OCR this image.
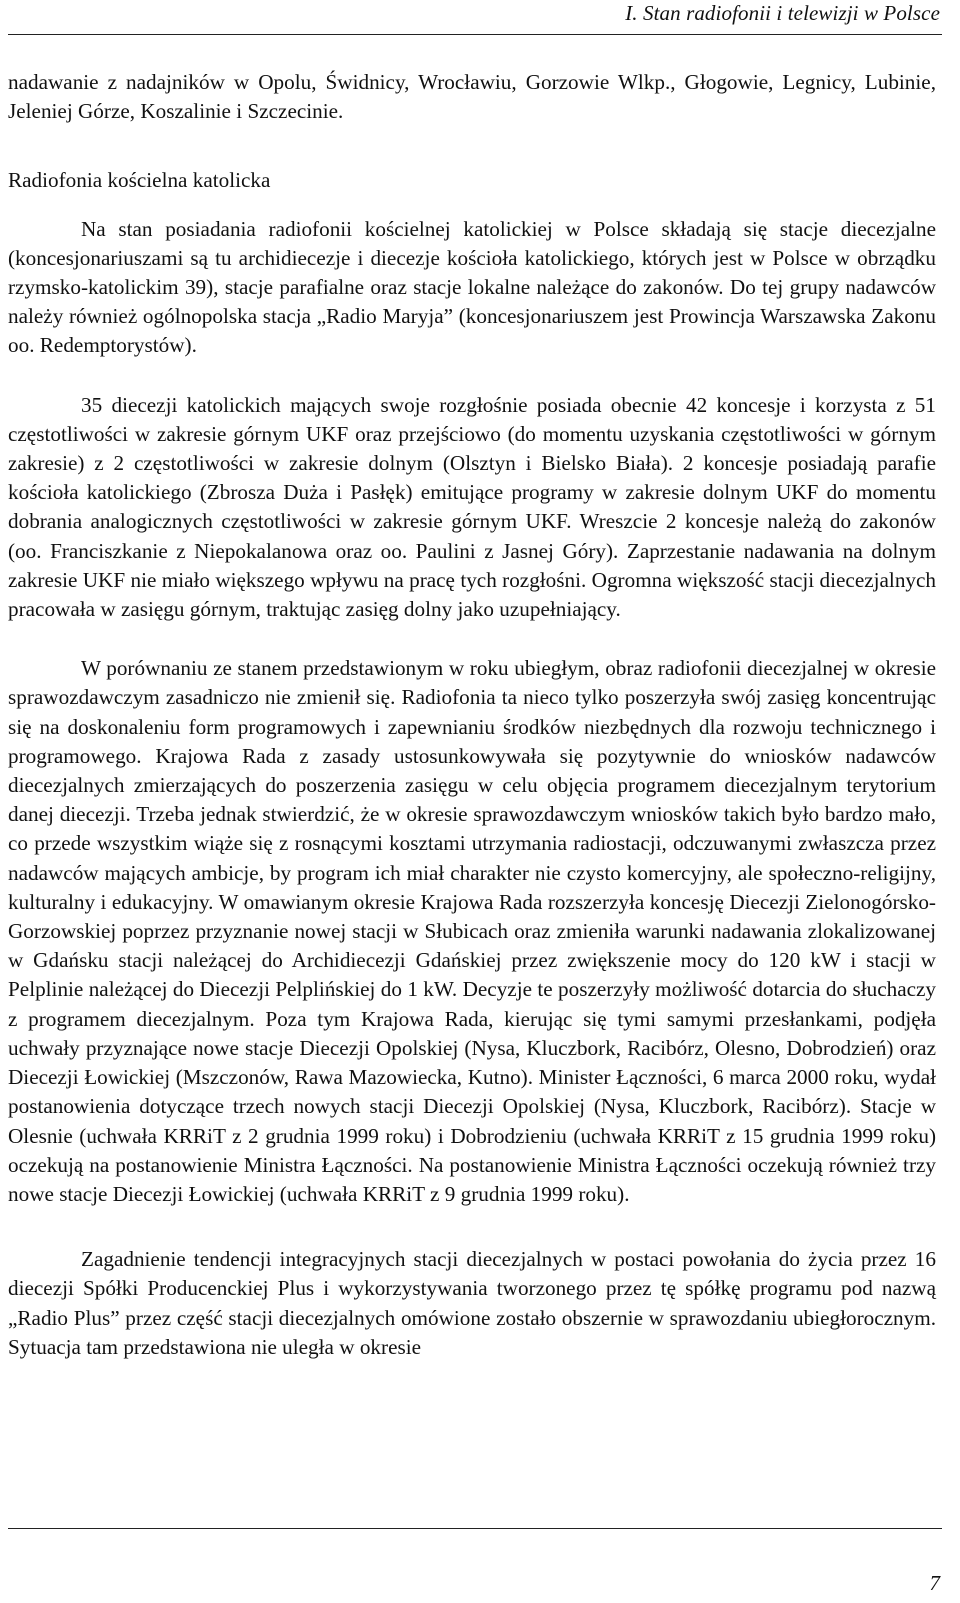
I. Stan radiofonii i telewizji w Polsce

nadawanie z nadajników w Opolu, Świdnicy, Wrocławiu, Gorzowie Wlkp., Głogowie, Legnicy, Lubinie, Jeleniej Górze, Koszalinie i Szczecinie.

Radiofonia kościelna katolicka

Na stan posiadania radiofonii kościelnej katolickiej w Polsce składają się stacje diecezjalne (koncesjonariuszami są tu archidiecezje i diecezje kościoła katolickiego, których jest w Polsce w obrządku rzymsko-katolickim 39), stacje parafialne oraz stacje lokalne należące do zakonów. Do tej grupy nadawców należy również ogólnopolska stacja „Radio Maryja” (koncesjonariuszem jest Prowincja Warszawska Zakonu oo. Redemptorystów).

35 diecezji katolickich mających swoje rozgłośnie posiada obecnie 42 koncesje i korzysta z 51 częstotliwości w zakresie górnym UKF oraz przejściowo (do momentu uzyskania częstotliwości w górnym zakresie) z 2 częstotliwości w zakresie dolnym (Olsztyn i Bielsko Biała). 2 koncesje posiadają parafie kościoła katolickiego (Zbrosza Duża i Pasłęk) emitujące programy w zakresie dolnym UKF do momentu dobrania analogicznych częstotliwości w zakresie górnym UKF. Wreszcie 2 koncesje należą do zakonów (oo. Franciszkanie z Niepokalanowa oraz oo. Paulini z Jasnej Góry). Zaprzestanie nadawania na dolnym zakresie UKF nie miało większego wpływu na pracę tych rozgłośni. Ogromna większość stacji diecezjalnych pracowała w zasięgu górnym, traktując zasięg dolny jako uzupełniający.

W porównaniu ze stanem przedstawionym w roku ubiegłym, obraz radiofonii diecezjalnej w okresie sprawozdawczym zasadniczo nie zmienił się. Radiofonia ta nieco tylko poszerzyła swój zasięg koncentrując się na doskonaleniu form programowych i zapewnianiu środków niezbędnych dla rozwoju technicznego i programowego. Krajowa Rada z zasady ustosunkowywała się pozytywnie do wniosków nadawców diecezjalnych zmierzających do poszerzenia zasięgu w celu objęcia programem diecezjalnym terytorium danej diecezji. Trzeba jednak stwierdzić, że w okresie sprawozdawczym wniosków takich było bardzo mało, co przede wszystkim wiąże się z rosnącymi kosztami utrzymania radiostacji, odczuwanymi zwłaszcza przez nadawców mających ambicje, by program ich miał charakter nie czysto komercyjny, ale społeczno-religijny, kulturalny i edukacyjny. W omawianym okresie Krajowa Rada rozszerzyła koncesję Diecezji Zielonogórsko-Gorzowskiej poprzez przyznanie nowej stacji w Słubicach oraz zmieniła warunki nadawania zlokalizowanej w Gdańsku stacji należącej do Archidiecezji Gdańskiej przez zwiększenie mocy do 120 kW i stacji w Pelplinie należącej do Diecezji Pelplińskiej do 1 kW. Decyzje te poszerzyły możliwość dotarcia do słuchaczy z programem diecezjalnym. Poza tym Krajowa Rada, kierując się tymi samymi przesłankami, podjęła uchwały przyznające nowe stacje Diecezji Opolskiej (Nysa, Kluczbork, Racibórz, Olesno, Dobrodzień) oraz Diecezji Łowickiej (Mszczonów, Rawa Mazowiecka, Kutno). Minister Łączności, 6 marca 2000 roku, wydał postanowienia dotyczące trzech nowych stacji Diecezji Opolskiej (Nysa, Kluczbork, Racibórz). Stacje w Olesnie (uchwała KRRiT z 2 grudnia 1999 roku) i Dobrodzieniu (uchwała KRRiT z 15 grudnia 1999 roku) oczekują na postanowienie Ministra Łączności. Na postanowienie Ministra Łączności oczekują również trzy nowe stacje Diecezji Łowickiej (uchwała KRRiT z 9 grudnia 1999 roku).

Zagadnienie tendencji integracyjnych stacji diecezjalnych w postaci powołania do życia przez 16 diecezji Spółki Producenckiej Plus i wykorzystywania tworzonego przez tę spółkę programu pod nazwą „Radio Plus” przez część stacji diecezjalnych omówione zostało obszernie w sprawozdaniu ubiegłorocznym. Sytuacja tam przedstawiona nie uległa w okresie

7
